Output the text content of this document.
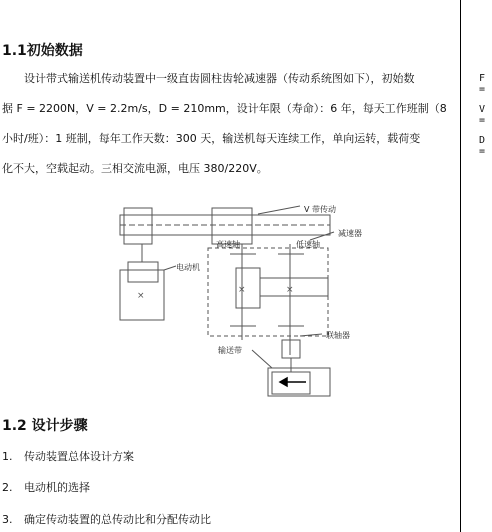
1.1初始数据
设计带式输送机传动装置中一级直齿圆柱齿轮减速器（传动系统图如下），初始数
据 F = 2200N，V = 2.2m/s，D = 210mm，设计年限（寿命）：6 年，每天工作班制（8
小时/班）：1 班制，每年工作天数：300 天，输送机每天连续工作，单向运转，载荷变
化不大，空载起动。三相交流电源，电压 380/220V。
F =
V =
D =
×
×	×
V 带传动
高速轴	低速轴
减速器
电动机
联轴器
输送带
1.2 设计步骤
1. 传动装置总体设计方案
2. 电动机的选择
3. 确定传动装置的总传动比和分配传动比
